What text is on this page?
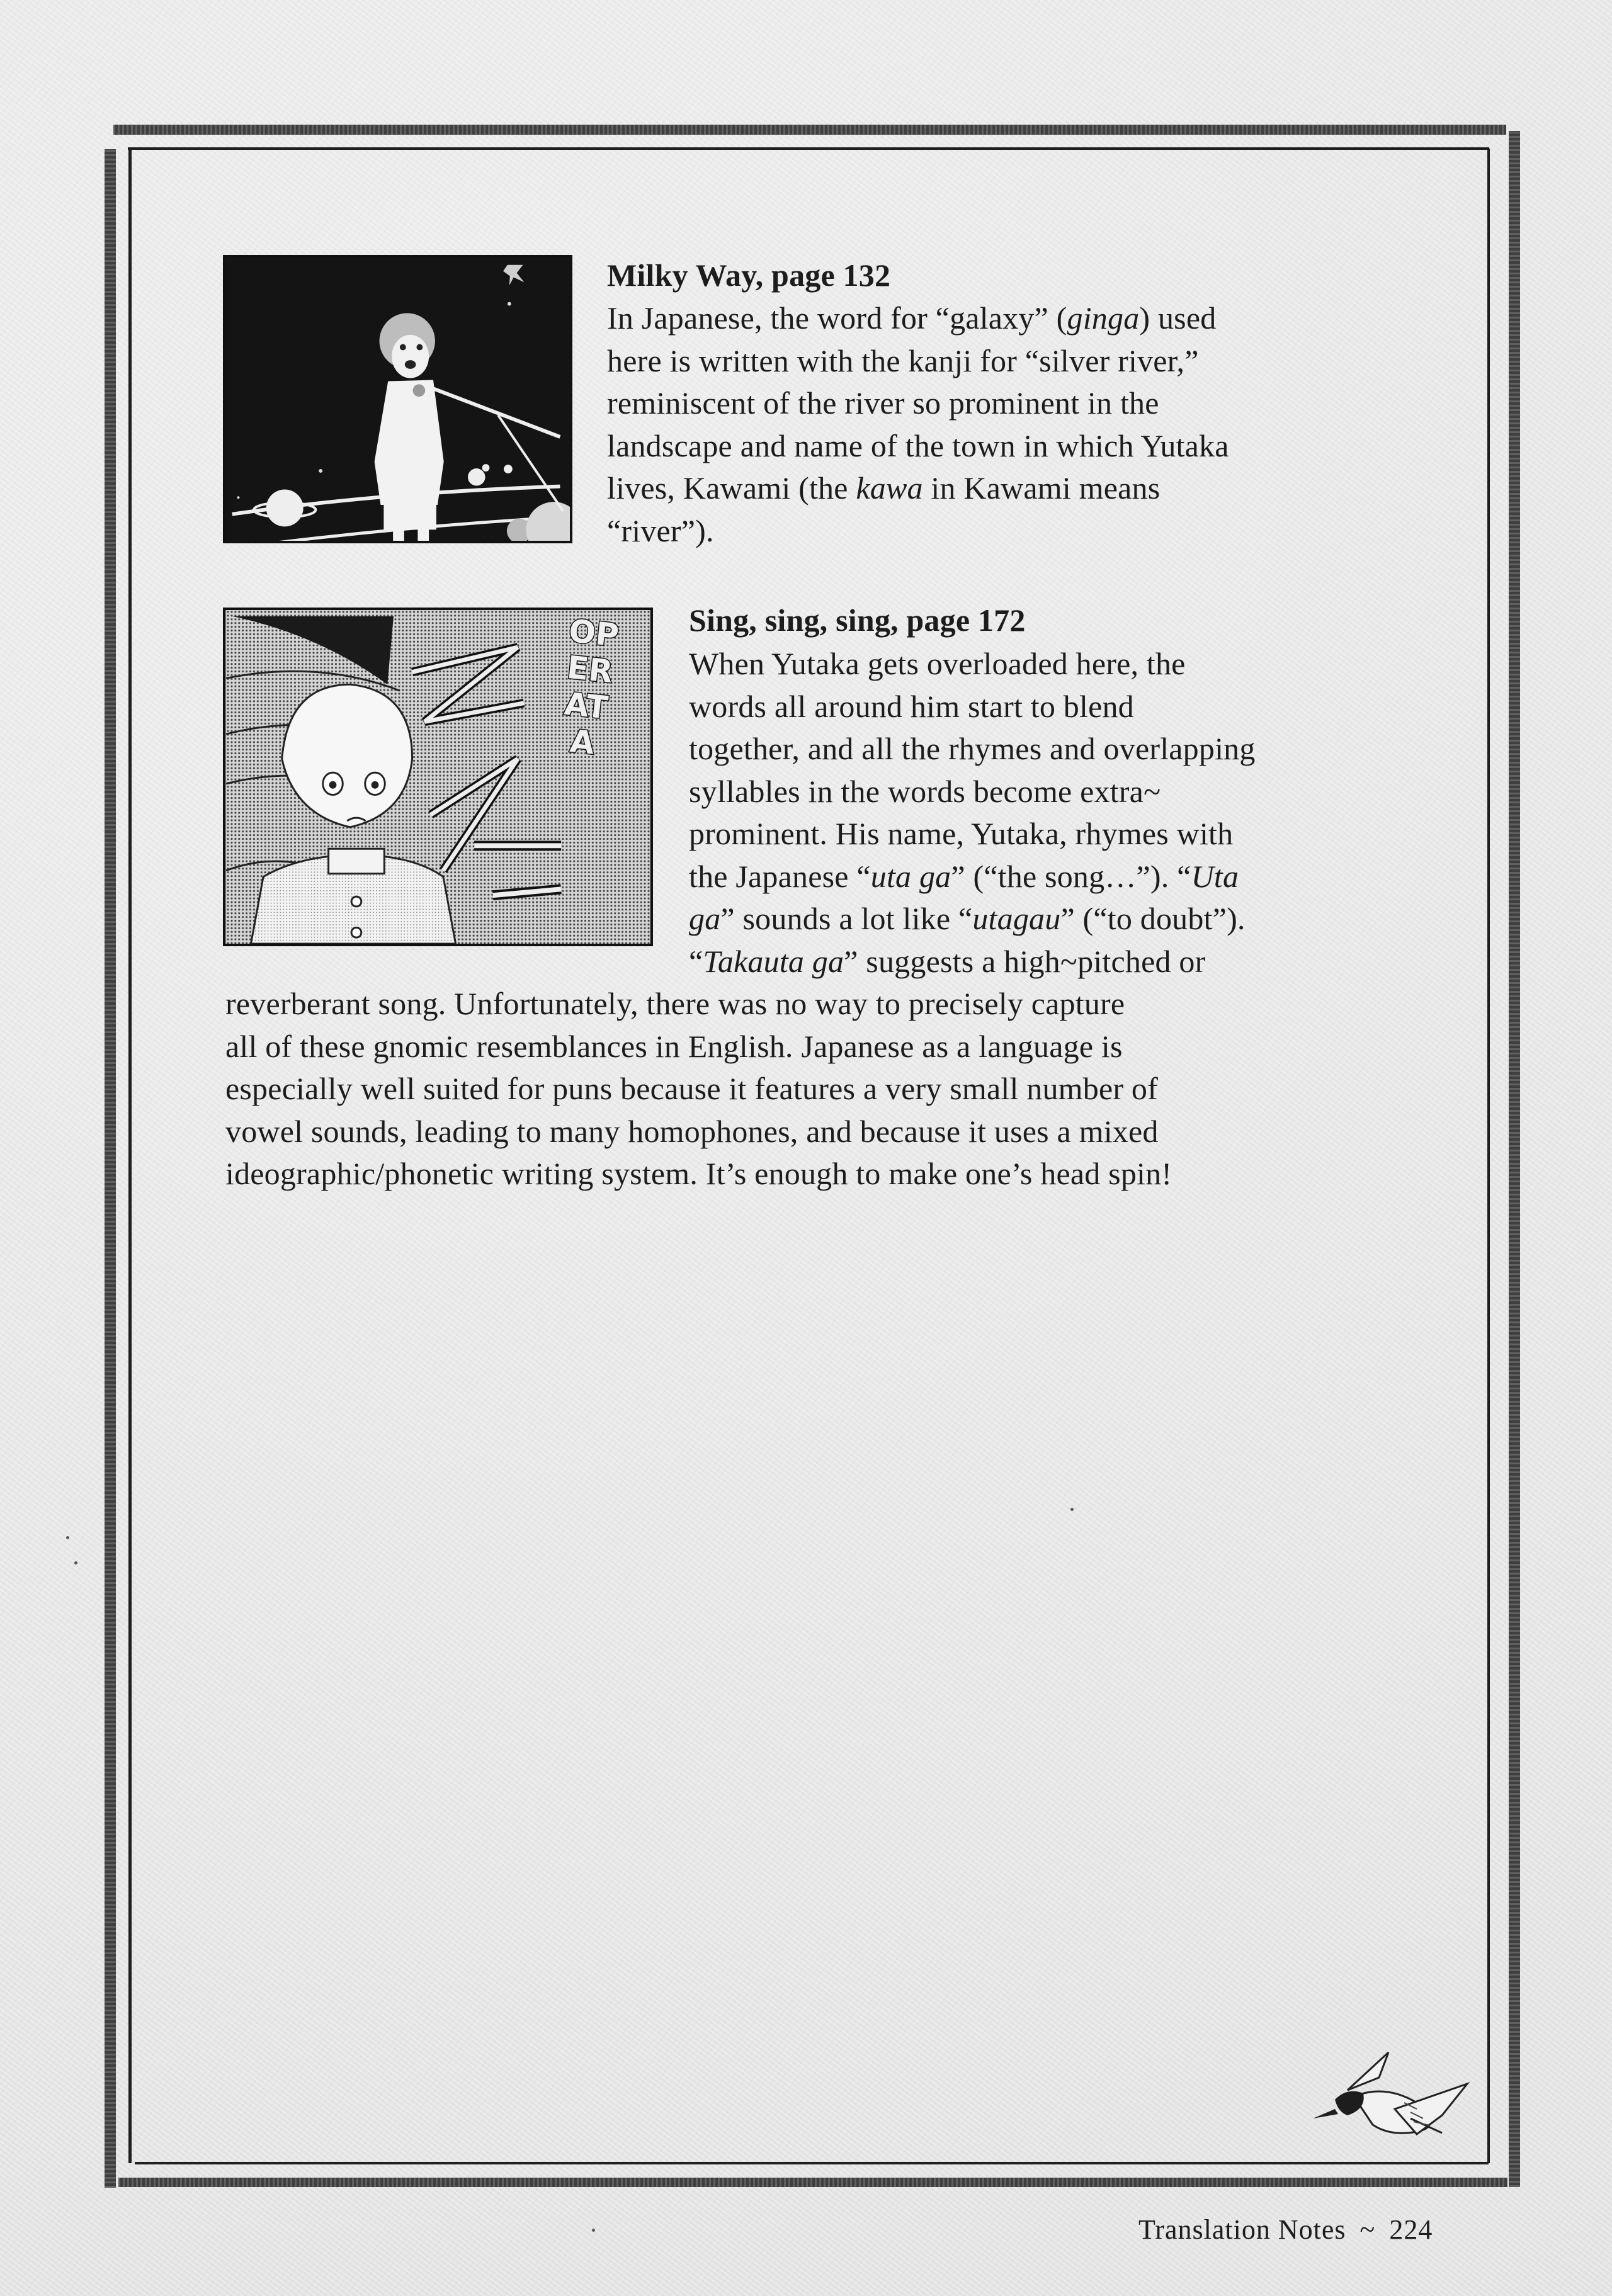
Milky Way, page 132
In Japanese, the word for “galaxy” (ginga) used
here is written with the kanji for “silver river,”
reminiscent of the river so prominent in the
landscape and name of the town in which Yutaka
lives, Kawami (the kawa in Kawami means
“river”).
OPERATA
Sing, sing, sing, page 172
When Yutaka gets overloaded here, the
words all around him start to blend
together, and all the rhymes and overlapping
syllables in the words become extra~
prominent. His name, Yutaka, rhymes with
the Japanese “uta ga” (“the song…”). “Uta
ga” sounds a lot like “utagau” (“to doubt”).
“Takauta ga” suggests a high~pitched or
reverberant song. Unfortunately, there was no way to precisely capture
all of these gnomic resemblances in English. Japanese as a language is
especially well suited for puns because it features a very small number of
vowel sounds, leading to many homophones, and because it uses a mixed
ideographic/phonetic writing system. It’s enough to make one’s head spin!
Translation Notes ~ 224
